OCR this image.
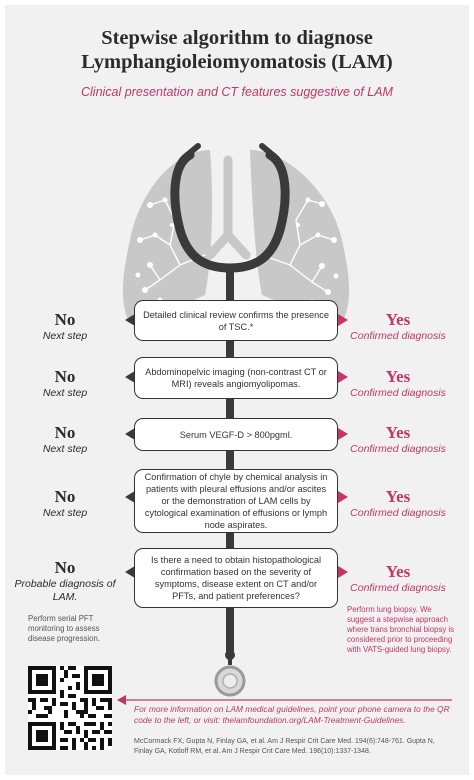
Stepwise algorithm to diagnose
Lymphangioleiomyomatosis (LAM)
Clinical presentation and CT features suggestive of LAM
Detailed clinical review confirms the presence of TSC.*
No
Next step
Yes
Confirmed diagnosis
Abdominopelvic imaging (non-contrast CT or MRI) reveals angiomyolipomas.
No
Next step
Yes
Confirmed diagnosis
Serum VEGF-D > 800pgml.
No
Next step
Yes
Confirmed diagnosis
Confirmation of chyle by chemical analysis in patients with pleural effusions and/or ascites or the demonstration of LAM cells by cytological examination of effusions or lymph node aspirates.
No
Next step
Yes
Confirmed diagnosis
Is there a need to obtain histopathological confirmation based on the severity of symptoms, disease extent on CT and/or PFTs, and patient preferences?
No
Probable diagnosis of LAM.
Yes
Confirmed diagnosis
Perform serial PFT monitoring to assess disease progression.
Perform lung biopsy. We suggest a stepwise approach where trans bronchial biopsy is considered prior to proceeding with VATS-guided lung biopsy.
For more information on LAM medical guidelines, point your phone camera to the QR code to the left, or visit: thelamfoundation.org/LAM-Treatment-Guidelines.
McCormack FX, Gupta N, Finlay GA, et al. Am J Respir Crit Care Med. 194(6):748-761. Gupta N, Finlay GA, Kotloff RM, et al. Am J Respir Crit Care Med. 196(10):1337-1348.
